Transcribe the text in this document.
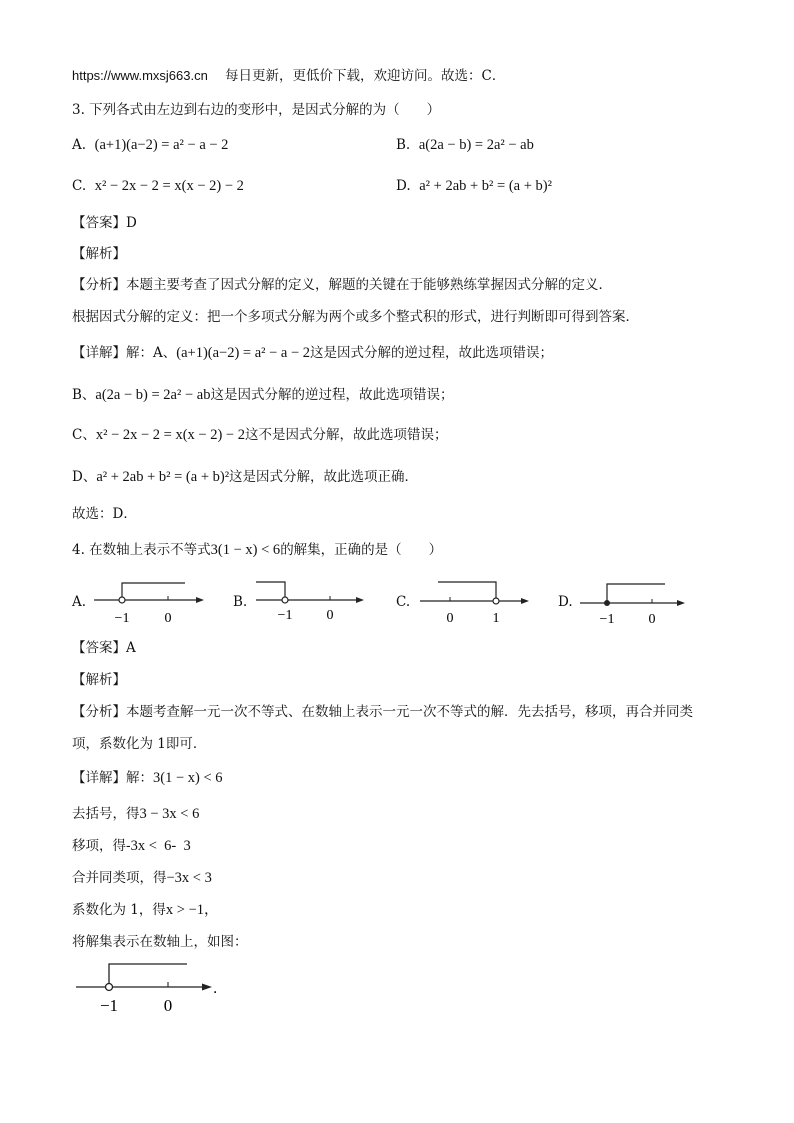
https://www.mxsj663.cn 每日更新，更低价下载，欢迎访问。故选：C．
3. 下列各式由左边到右边的变形中，是因式分解的为（　　）
A. (a+1)(a−2) = a² − a − 2	B. a(2a − b) = 2a² − ab
C. x² − 2x − 2 = x(x − 2) − 2	D. a² + 2ab + b² = (a + b)²
【答案】D
【解析】
【分析】本题主要考查了因式分解的定义，解题的关键在于能够熟练掌握因式分解的定义．
根据因式分解的定义：把一个多项式分解为两个或多个整式积的形式，进行判断即可得到答案．
【详解】解：A、(a+1)(a−2) = a² − a − 2这是因式分解的逆过程，故此选项错误；
B、a(2a − b) = 2a² − ab这是因式分解的逆过程，故此选项错误；
C、x² − 2x − 2 = x(x − 2) − 2这不是因式分解，故此选项错误；
D、a² + 2ab + b² = (a + b)²这是因式分解，故此选项正确．
故选：D．
4. 在数轴上表示不等式3(1 − x) < 6的解集，正确的是（　　）
A.
−1	0
B.
−1 0
C.
0	1
D.
−1 0
【答案】A
【解析】
【分析】本题考查解一元一次不等式、在数轴上表示一元一次不等式的解．先去括号，移项，再合并同类
项，系数化为 1即可．
【详解】解：3(1 − x) < 6
去括号，得3 − 3x < 6
移项，得-3x <  6-  3
合并同类项，得−3x < 3
系数化为 1，得x > −1，
将解集表示在数轴上，如图：
−1	0
．
